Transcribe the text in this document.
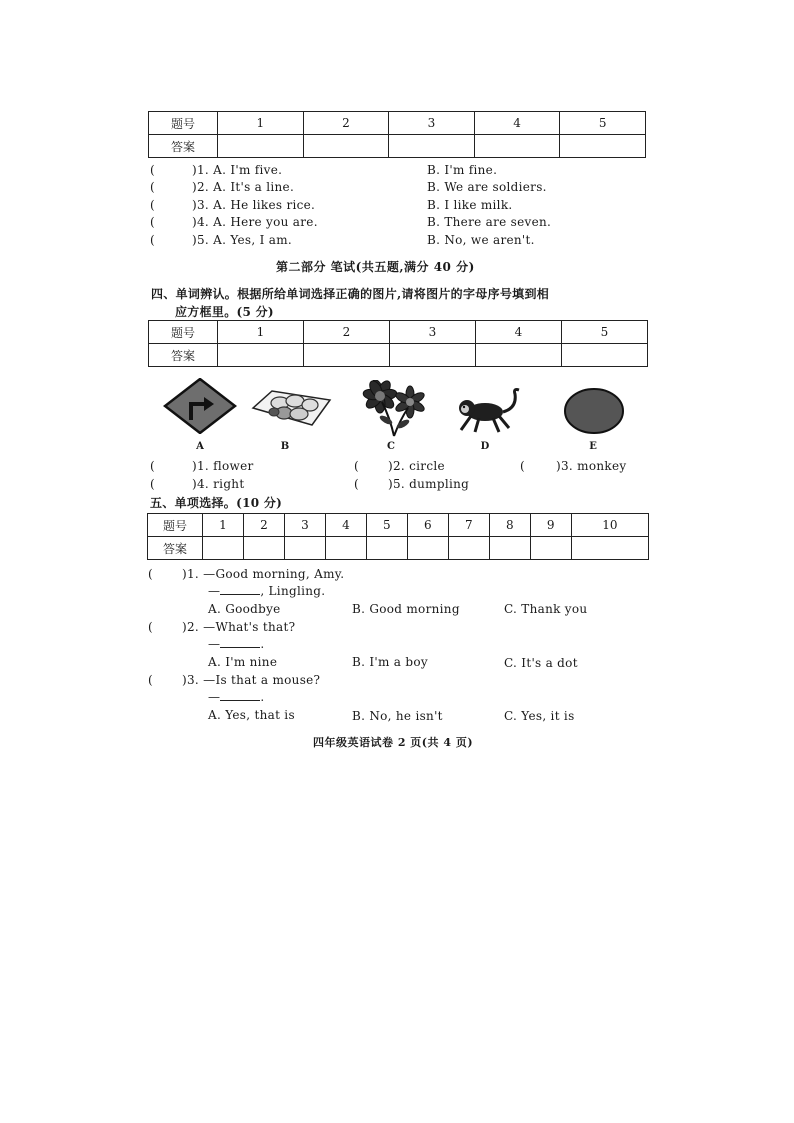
题号	1	2	3	4	5
答案					
(	)1. A. I'm five.	B. I'm fine.
(	)2. A. It's a line.	B. We are soldiers.
(	)3. A. He likes rice.	B. I like milk.
(	)4. A. Here you are.	B. There are seven.
(	)5. A. Yes, I am.	B. No, we aren't.
第二部分 笔试(共五题,满分 40 分)
四、单词辨认。根据所给单词选择正确的图片,请将图片的字母序号填到相
应方框里。(5 分)
题号	1	2	3	4	5
答案					
A	B	C	D	E
(	)1. flower	( )2. circle	(	)3. monkey
(	)4. right	( )5. dumpling
五、单项选择。(10 分)
题号	1	2	3	4	5	6	7	8	9	10
答案										
( )1. —Good morning, Amy.
—	, Lingling.
A. Goodbye	B. Good morning	C. Thank you
( )2. —What's that?
—	.
A. I'm nine	B. I'm a boy	C. It's a dot
( )3. —Is that a mouse?
—	.
A. Yes, that is	B. No, he isn't	C. Yes, it is
四年级英语试卷 2 页(共 4 页)
